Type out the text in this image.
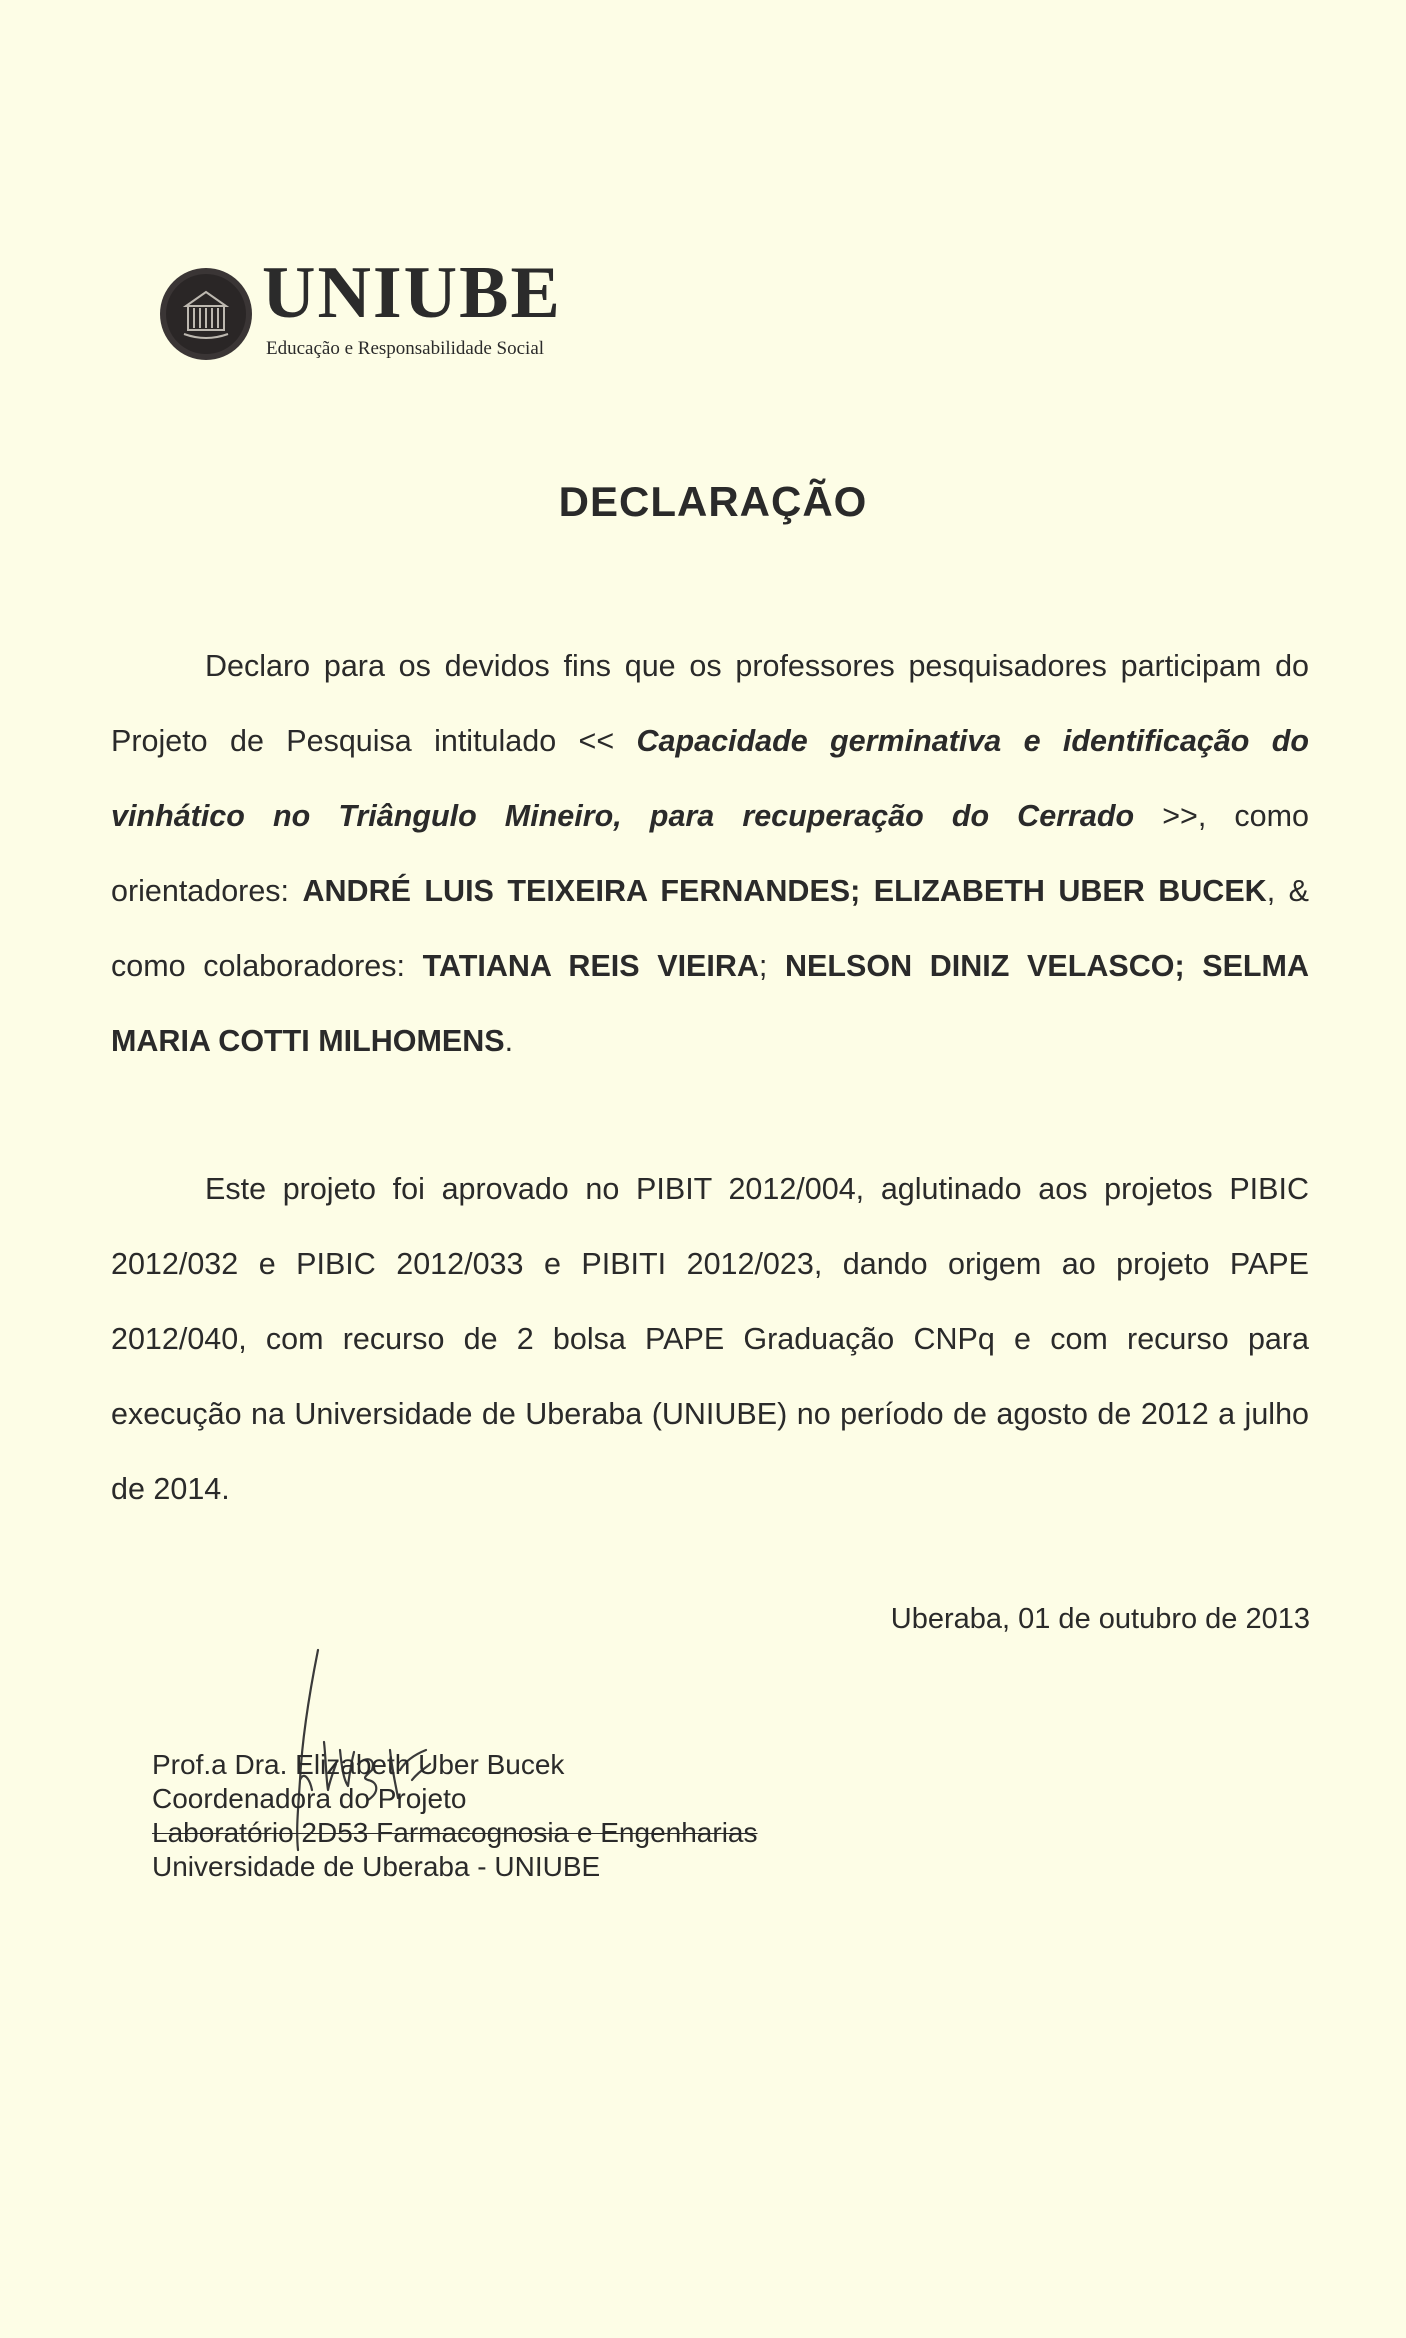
UNIUBE
Educação e Responsabilidade Social
DECLARAÇÃO
Declaro para os devidos fins que os professores pesquisadores participam do Projeto de Pesquisa intitulado << Capacidade germinativa e identificação do vinhático no Triângulo Mineiro, para recuperação do Cerrado >>, como orientadores: ANDRÉ LUIS TEIXEIRA FERNANDES; ELIZABETH UBER BUCEK, & como colaboradores: TATIANA REIS VIEIRA; NELSON DINIZ VELASCO; SELMA MARIA COTTI MILHOMENS.
Este projeto foi aprovado no PIBIT 2012/004, aglutinado aos projetos PIBIC 2012/032 e PIBIC 2012/033 e PIBITI 2012/023, dando origem ao projeto PAPE 2012/040, com recurso de 2 bolsa PAPE Graduação CNPq e com recurso para execução na Universidade de Uberaba (UNIUBE) no período de agosto de 2012 a julho de 2014.
Uberaba, 01 de outubro de 2013
Prof.a Dra. Elizabeth Uber Bucek
Coordenadora do Projeto
Laboratório 2D53 Farmacognosia e Engenharias
Universidade de Uberaba - UNIUBE
